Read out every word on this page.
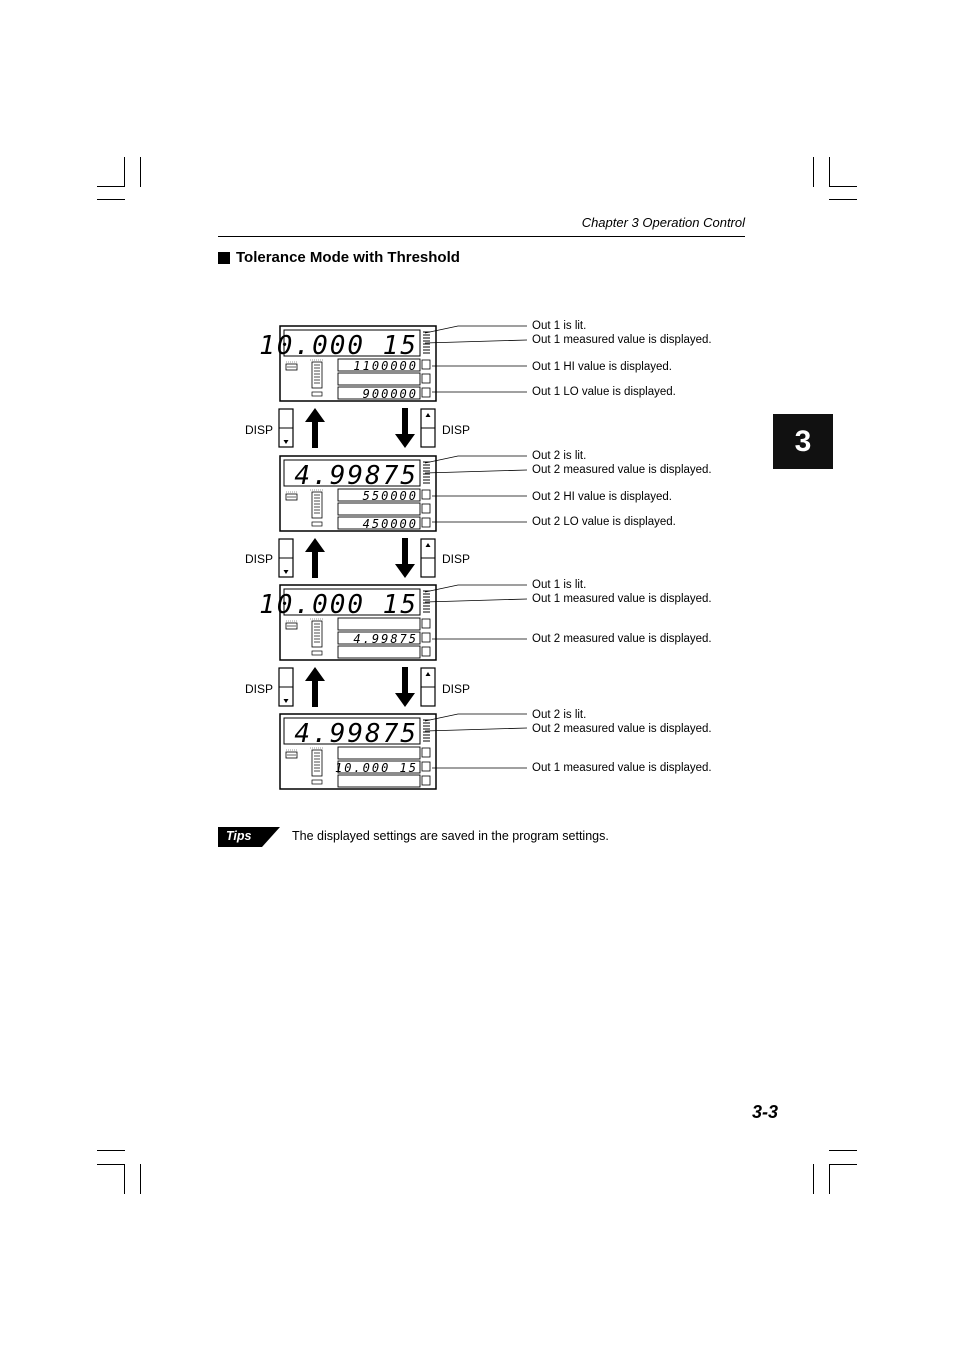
Chapter 3 Operation Control
Tolerance Mode with Threshold
3
10.000 15
1100000
900000
4.99875
550000
450000
10.000 15
4.99875
4.99875
10.000 15
DISP	DISP
DISP	DISP
DISP	DISP
Out 1 is lit.
Out 1 measured value is displayed.
Out 1 HI value is displayed.
Out 1 LO value is displayed.
Out 2 is lit.
Out 2 measured value is displayed.
Out 2 HI value is displayed.
Out 2 LO value is displayed.
Out 1 is lit.
Out 1 measured value is displayed.
Out 2 measured value is displayed.
Out 2 is lit.
Out 2 measured value is displayed.
Out 1 measured value is displayed.
Tips	The displayed settings are saved in the program settings.
3-3
